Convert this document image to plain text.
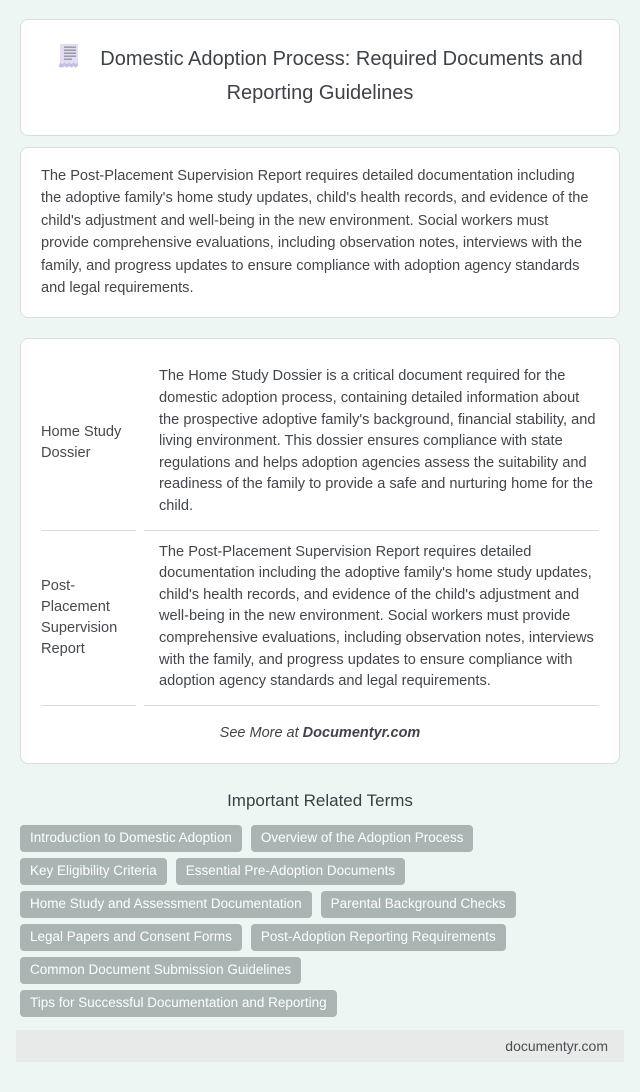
Domestic Adoption Process: Required Documents and Reporting Guidelines

The Post-Placement Supervision Report requires detailed documentation including the adoptive family's home study updates, child's health records, and evidence of the child's adjustment and well-being in the new environment. Social workers must provide comprehensive evaluations, including observation notes, interviews with the family, and progress updates to ensure compliance with adoption agency standards and legal requirements.

Home Study Dossier
The Home Study Dossier is a critical document required for the domestic adoption process, containing detailed information about the prospective adoptive family's background, financial stability, and living environment. This dossier ensures compliance with state regulations and helps adoption agencies assess the suitability and readiness of the family to provide a safe and nurturing home for the child.
Post-Placement Supervision Report
The Post-Placement Supervision Report requires detailed documentation including the adoptive family's home study updates, child's health records, and evidence of the child's adjustment and well-being in the new environment. Social workers must provide comprehensive evaluations, including observation notes, interviews with the family, and progress updates to ensure compliance with adoption agency standards and legal requirements.

See More at Documentyr.com

Important Related Terms
Introduction to Domestic Adoption	Overview of the Adoption Process
Key Eligibility Criteria	Essential Pre-Adoption Documents
Home Study and Assessment Documentation	Parental Background Checks
Legal Papers and Consent Forms	Post-Adoption Reporting Requirements
Common Document Submission Guidelines
Tips for Successful Documentation and Reporting
documentyr.com
